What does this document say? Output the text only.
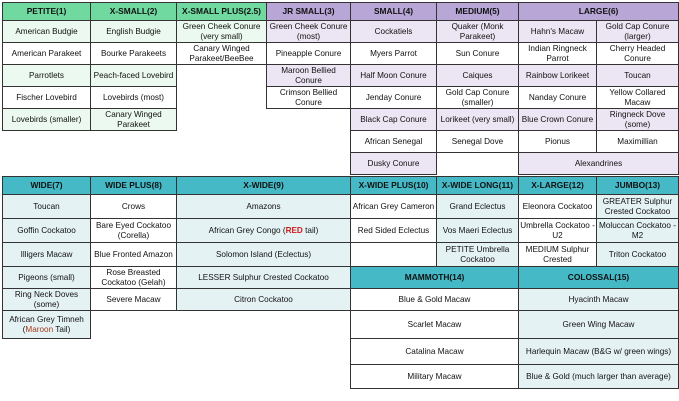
PETITE(1)	X-SMALL(2)	X-SMALL PLUS(2.5)	JR SMALL(3)	SMALL(4)	MEDIUM(5)	LARGE(6)	
American Budgie	English Budgie	Green Cheek Conure (very small)	Green Cheek Conure (most)	Cockatiels	Quaker (Monk Parakeet)	Hahn's Macaw	Gold Cap Conure (larger)
American Parakeet	Bourke Parakeets	Canary Winged Parakeet/BeeBee	Pineapple Conure	Myers Parrot	Sun Conure	Indian Ringneck Parrot	Cherry Headed Conure
Parrotlets	Peach-faced Lovebird		Maroon Bellied Conure	Half Moon Conure	Caiques	Rainbow Lorikeet	Toucan
Fischer Lovebird	Lovebirds (most)		Crimson Bellied Conure	Jenday Conure	Gold Cap Conure (smaller)	Nanday Conure	Yellow Collared Macaw
Lovebirds (smaller)	Canary Winged Parakeet			Black Cap Conure	Lorikeet (very small)	Blue Crown Conure	Ringneck Dove (some)
				African Senegal	Senegal Dove	Pionus	Maximillian
				Dusky Conure		Alexandrines	
WIDE(7)	WIDE PLUS(8)	X-WIDE(9)	X-WIDE PLUS(10)	X-WIDE LONG(11)	X-LARGE(12)	JUMBO(13)
Toucan	Crows	Amazons	African Grey Cameron	Grand Eclectus	Eleonora Cockatoo	GREATER Sulphur Crested Cockatoo
Goffin Cockatoo	Bare Eyed Cockatoo (Corella)	African Grey Congo (RED tail)	Red Sided Eclectus	Vos Maeri Eclectus	Umbrella Cockatoo - U2	Moluccan Cockatoo - M2
Illigers Macaw	Blue Fronted Amazon	Solomon Island (Eclectus)		PETITE Umbrella Cockatoo	MEDIUM Sulphur Crested	Triton Cockatoo
Pigeons (small)	Rose Breasted Cockatoo (Gelah)	LESSER Sulphur Crested Cockatoo	MAMMOTH(14)		COLOSSAL(15)	
Ring Neck Doves (some)	Severe Macaw	Citron Cockatoo	Blue & Gold Macaw		Hyacinth Macaw	
African Grey Timneh (Maroon Tail)			Scarlet Macaw		Green Wing Macaw	
			Catalina Macaw		Harlequin Macaw (B&G w/ green wings)	
			Military Macaw		Blue & Gold (much larger than average)	
